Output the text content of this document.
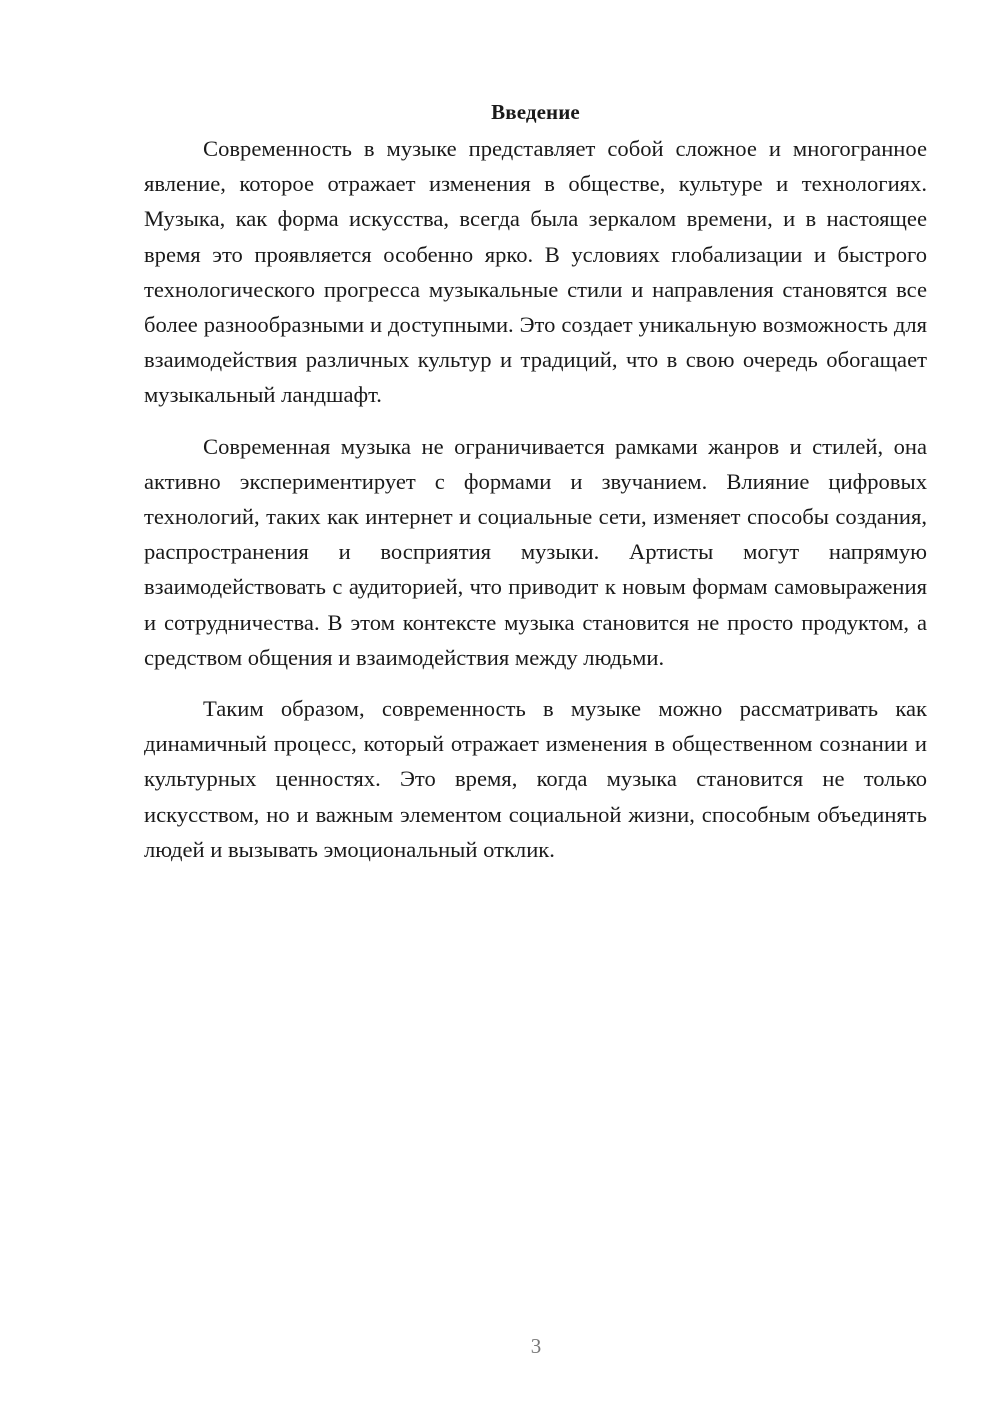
Введение

Современность в музыке представляет собой сложное и многогранное явление, которое отражает изменения в обществе, культуре и технологиях. Музыка, как форма искусства, всегда была зеркалом времени, и в настоящее время это проявляется особенно ярко. В условиях глобализации и быстрого технологического прогресса музыкальные стили и направления становятся все более разнообразными и доступными. Это создает уникальную возможность для взаимодействия различных культур и традиций, что в свою очередь обогащает музыкальный ландшафт.

Современная музыка не ограничивается рамками жанров и стилей, она активно экспериментирует с формами и звучанием. Влияние цифровых технологий, таких как интернет и социальные сети, изменяет способы создания, распространения и восприятия музыки. Артисты могут напрямую взаимодействовать с аудиторией, что приводит к новым формам самовыражения и сотрудничества. В этом контексте музыка становится не просто продуктом, а средством общения и взаимодействия между людьми.

Таким образом, современность в музыке можно рассматривать как динамичный процесс, который отражает изменения в общественном сознании и культурных ценностях. Это время, когда музыка становится не только искусством, но и важным элементом социальной жизни, способным объединять людей и вызывать эмоциональный отклик.

3
